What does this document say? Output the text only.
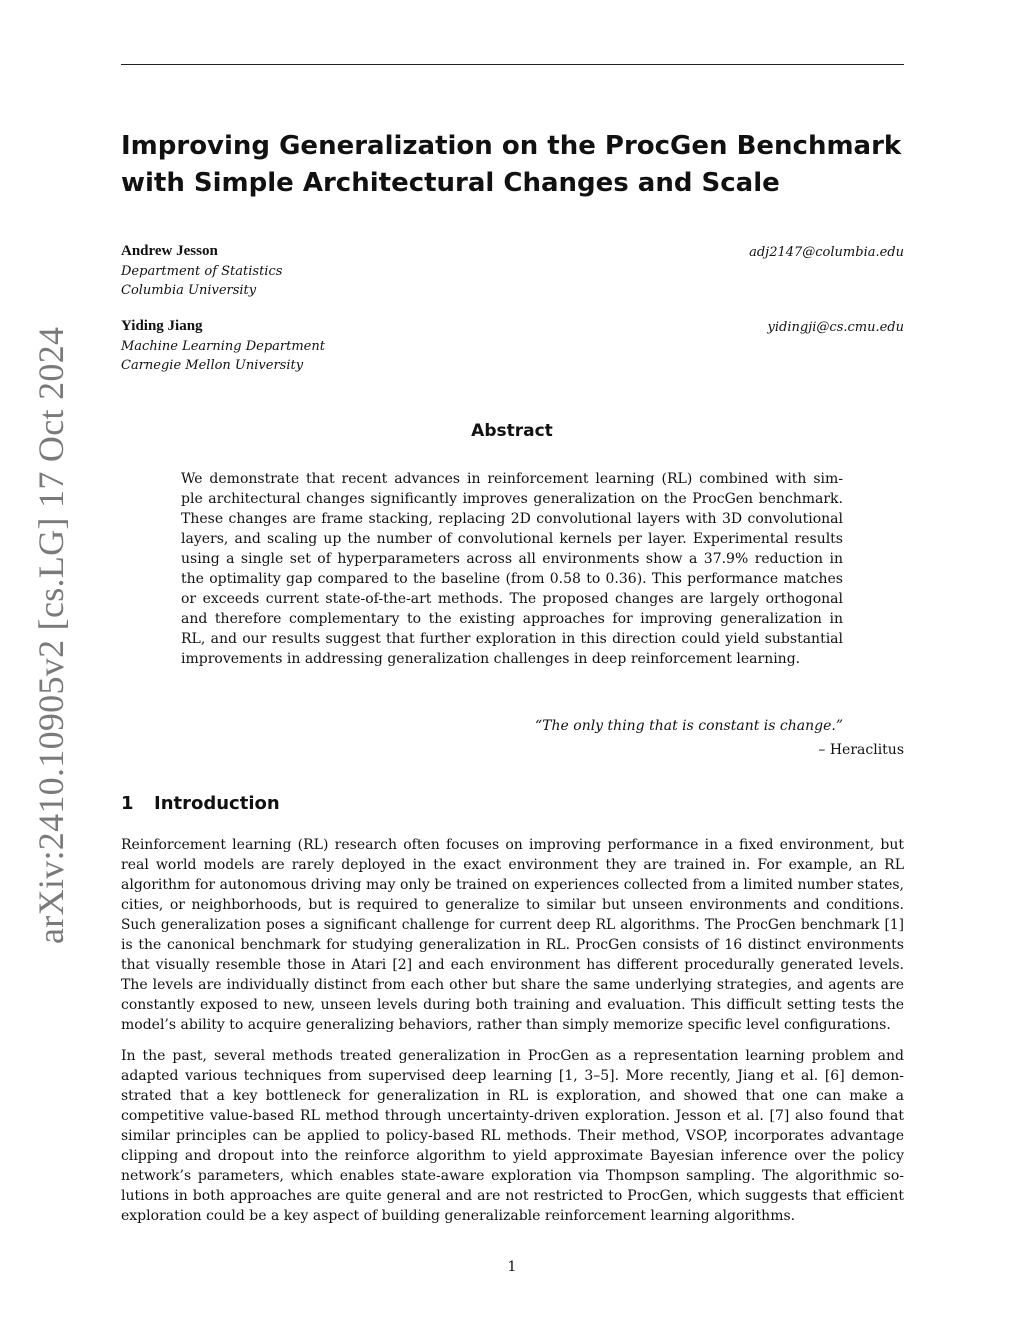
arXiv:2410.10905v2 [cs.LG] 17 Oct 2024
Improving Generalization on the ProcGen Benchmark
with Simple Architectural Changes and Scale
Andrew Jesson	adj2147@columbia.edu
Department of Statistics
Columbia University
Yiding Jiang	yidingji@cs.cmu.edu
Machine Learning Department
Carnegie Mellon University
Abstract
We demonstrate that recent advances in reinforcement learning (RL) combined with sim-
ple architectural changes significantly improves generalization on the ProcGen benchmark.
These changes are frame stacking, replacing 2D convolutional layers with 3D convolutional
layers, and scaling up the number of convolutional kernels per layer. Experimental results
using a single set of hyperparameters across all environments show a 37.9% reduction in
the optimality gap compared to the baseline (from 0.58 to 0.36). This performance matches
or exceeds current state-of-the-art methods. The proposed changes are largely orthogonal
and therefore complementary to the existing approaches for improving generalization in
RL, and our results suggest that further exploration in this direction could yield substantial
improvements in addressing generalization challenges in deep reinforcement learning.
“The only thing that is constant is change.”
– Heraclitus
1 Introduction
Reinforcement learning (RL) research often focuses on improving performance in a fixed environment, but
real world models are rarely deployed in the exact environment they are trained in. For example, an RL
algorithm for autonomous driving may only be trained on experiences collected from a limited number states,
cities, or neighborhoods, but is required to generalize to similar but unseen environments and conditions.
Such generalization poses a significant challenge for current deep RL algorithms. The ProcGen benchmark [1]
is the canonical benchmark for studying generalization in RL. ProcGen consists of 16 distinct environments
that visually resemble those in Atari [2] and each environment has different procedurally generated levels.
The levels are individually distinct from each other but share the same underlying strategies, and agents are
constantly exposed to new, unseen levels during both training and evaluation. This difficult setting tests the
model’s ability to acquire generalizing behaviors, rather than simply memorize specific level configurations.
In the past, several methods treated generalization in ProcGen as a representation learning problem and
adapted various techniques from supervised deep learning [1, 3–5]. More recently, Jiang et al. [6] demon-
strated that a key bottleneck for generalization in RL is exploration, and showed that one can make a
competitive value-based RL method through uncertainty-driven exploration. Jesson et al. [7] also found that
similar principles can be applied to policy-based RL methods. Their method, VSOP, incorporates advantage
clipping and dropout into the reinforce algorithm to yield approximate Bayesian inference over the policy
network’s parameters, which enables state-aware exploration via Thompson sampling. The algorithmic so-
lutions in both approaches are quite general and are not restricted to ProcGen, which suggests that efficient
exploration could be a key aspect of building generalizable reinforcement learning algorithms.
1
